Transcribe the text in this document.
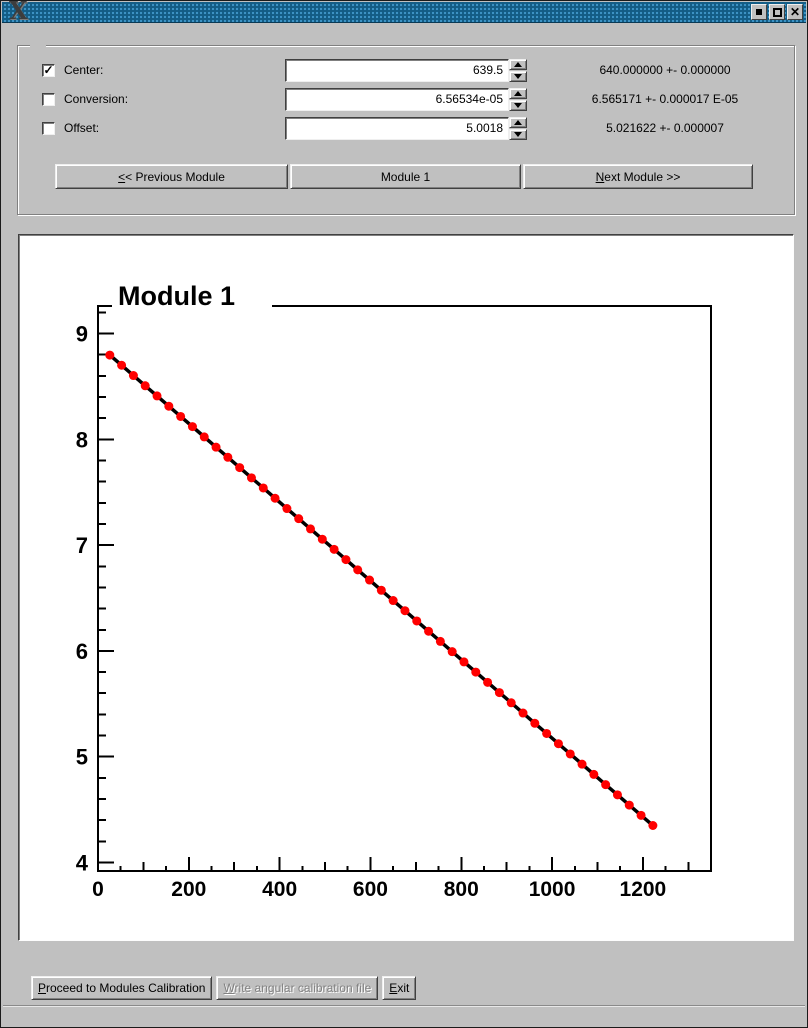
X	✕
✓ Center:	639.5	640.000000 +- 0.000000
Conversion:	6.56534e-05	6.565171 +- 0.000017 E-05
Offset:	5.0018	5.021622 +- 0.000007
< < Previous Module	Module 1	N ext Module >>
0	200	400	600	800 1000 1200
4
5
6
7
8
9
Module 1
Proceed to Modules Calibration Write angular calibration file Exit
